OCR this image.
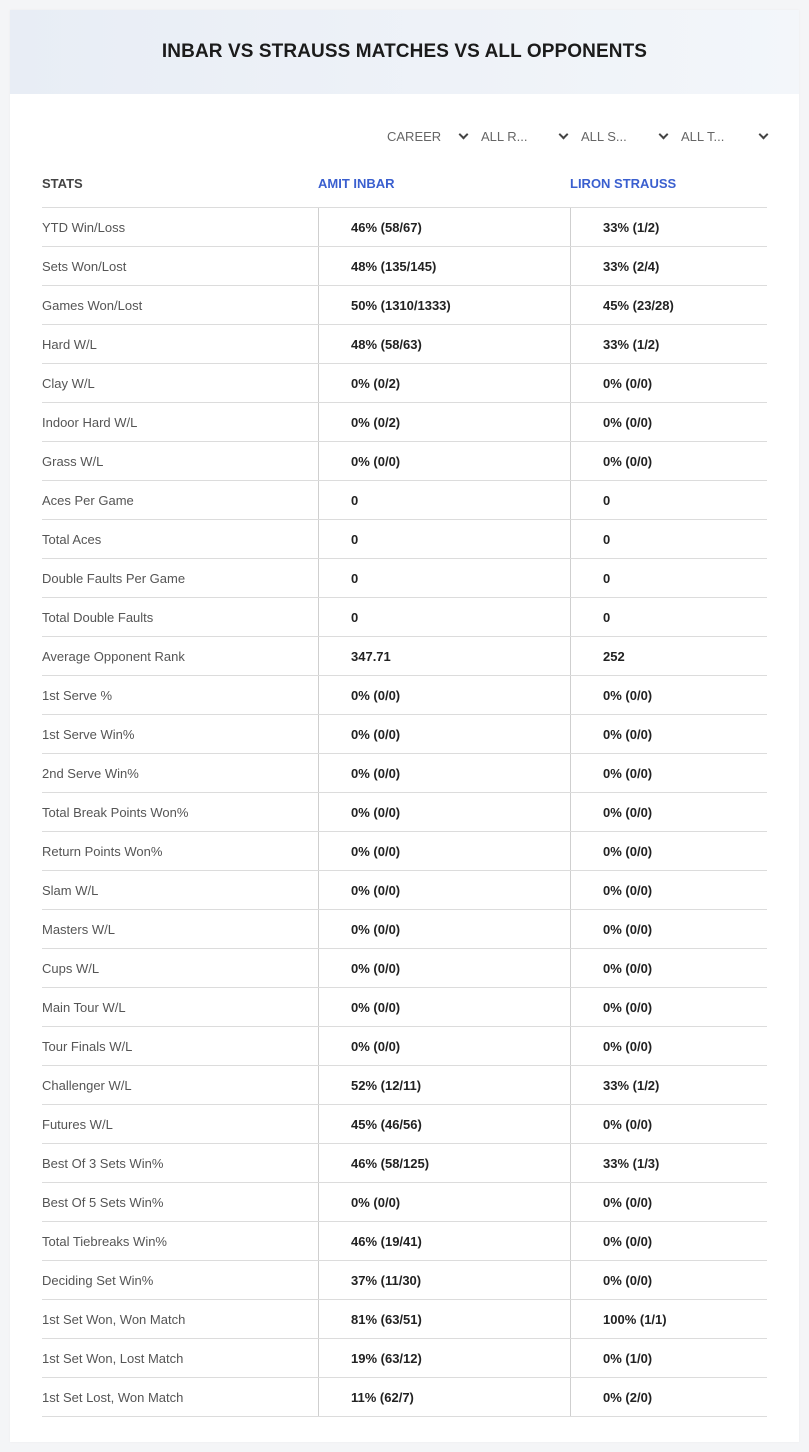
INBAR VS STRAUSS MATCHES VS ALL OPPONENTS
CAREER	ALL R...	ALL S...	ALL T...
STATS	AMIT INBAR	LIRON STRAUSS
YTD Win/Loss	46% (58/67)	33% (1/2)
Sets Won/Lost	48% (135/145)	33% (2/4)
Games Won/Lost	50% (1310/1333)	45% (23/28)
Hard W/L	48% (58/63)	33% (1/2)
Clay W/L	0% (0/2)	0% (0/0)
Indoor Hard W/L	0% (0/2)	0% (0/0)
Grass W/L	0% (0/0)	0% (0/0)
Aces Per Game	0	0
Total Aces	0	0
Double Faults Per Game	0	0
Total Double Faults	0	0
Average Opponent Rank	347.71	252
1st Serve %	0% (0/0)	0% (0/0)
1st Serve Win%	0% (0/0)	0% (0/0)
2nd Serve Win%	0% (0/0)	0% (0/0)
Total Break Points Won%	0% (0/0)	0% (0/0)
Return Points Won%	0% (0/0)	0% (0/0)
Slam W/L	0% (0/0)	0% (0/0)
Masters W/L	0% (0/0)	0% (0/0)
Cups W/L	0% (0/0)	0% (0/0)
Main Tour W/L	0% (0/0)	0% (0/0)
Tour Finals W/L	0% (0/0)	0% (0/0)
Challenger W/L	52% (12/11)	33% (1/2)
Futures W/L	45% (46/56)	0% (0/0)
Best Of 3 Sets Win%	46% (58/125)	33% (1/3)
Best Of 5 Sets Win%	0% (0/0)	0% (0/0)
Total Tiebreaks Win%	46% (19/41)	0% (0/0)
Deciding Set Win%	37% (11/30)	0% (0/0)
1st Set Won, Won Match	81% (63/51)	100% (1/1)
1st Set Won, Lost Match	19% (63/12)	0% (1/0)
1st Set Lost, Won Match	11% (62/7)	0% (2/0)
